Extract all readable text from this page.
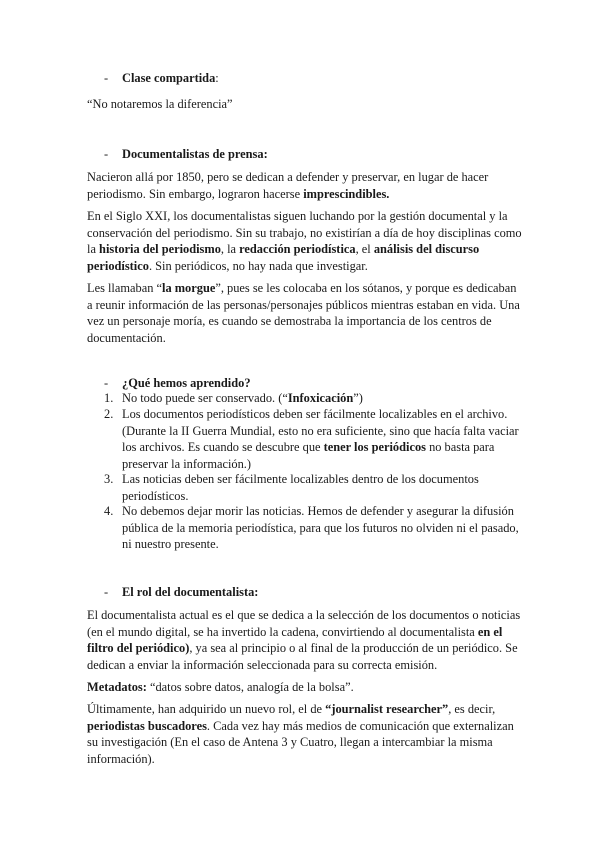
- Clase compartida:

“No notaremos la diferencia”

- Documentalistas de prensa:

Nacieron allá por 1850, pero se dedican a defender y preservar, en lugar de hacer periodismo. Sin embargo, lograron hacerse imprescindibles.

En el Siglo XXI, los documentalistas siguen luchando por la gestión documental y la conservación del periodismo. Sin su trabajo, no existirían a día de hoy disciplinas como la historia del periodismo, la redacción periodística, el análisis del discurso periodístico. Sin periódicos, no hay nada que investigar.

Les llamaban “la morgue”, pues se les colocaba en los sótanos, y porque es dedicaban a reunir información de las personas/personajes públicos mientras estaban en vida. Una vez un personaje moría, es cuando se demostraba la importancia de los centros de documentación.

- ¿Qué hemos aprendido?

1. No todo puede ser conservado. (“Infoxicación”)
2. Los documentos periodísticos deben ser fácilmente localizables en el archivo. (Durante la II Guerra Mundial, esto no era suficiente, sino que hacía falta vaciar los archivos. Es cuando se descubre que tener los periódicos no basta para preservar la información.)
3. Las noticias deben ser fácilmente localizables dentro de los documentos periodísticos.
4. No debemos dejar morir las noticias. Hemos de defender y asegurar la difusión pública de la memoria periodística, para que los futuros no olviden ni el pasado, ni nuestro presente.

- El rol del documentalista:

El documentalista actual es el que se dedica a la selección de los documentos o noticias (en el mundo digital, se ha invertido la cadena, convirtiendo al documentalista en el filtro del periódico), ya sea al principio o al final de la producción de un periódico. Se dedican a enviar la información seleccionada para su correcta emisión.

Metadatos: “datos sobre datos, analogía de la bolsa”.

Últimamente, han adquirido un nuevo rol, el de “journalist researcher”, es decir, periodistas buscadores. Cada vez hay más medios de comunicación que externalizan su investigación (En el caso de Antena 3 y Cuatro, llegan a intercambiar la misma información).
